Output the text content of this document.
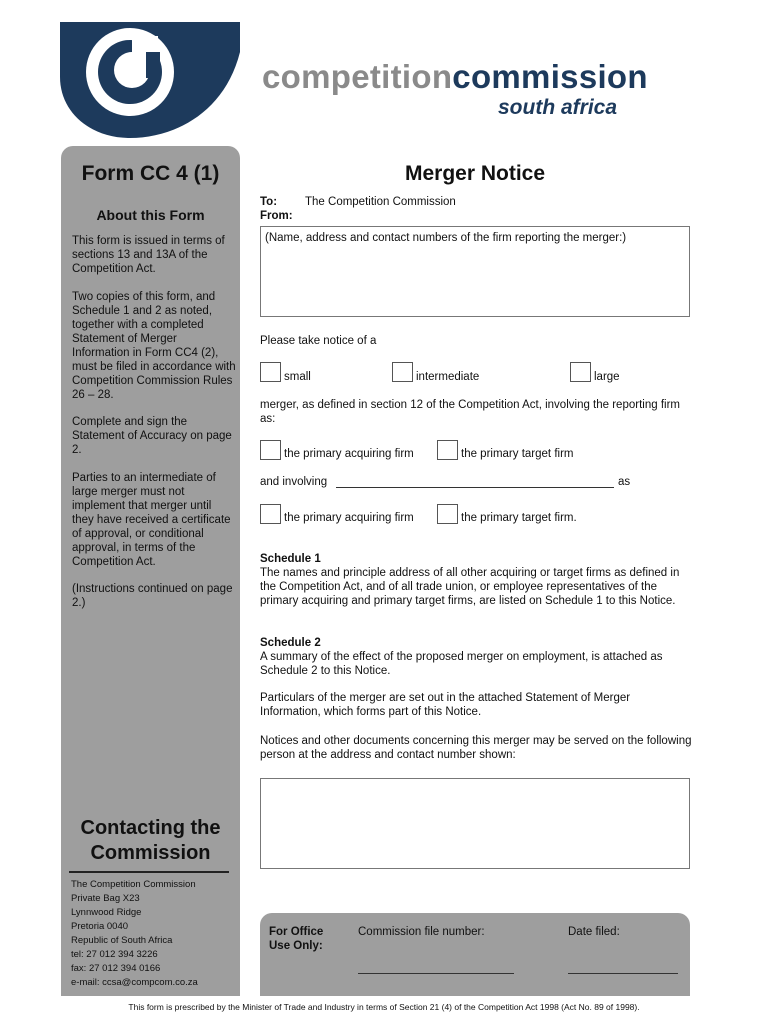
competitioncommission
south africa
Form CC 4 (1)
About this Form
This form is issued in terms of sections 13 and 13A of the Competition Act.
Two copies of this form, and Schedule 1 and 2 as noted, together with a completed Statement of Merger Information in Form CC4 (2), must be filed in accordance with Competition Commission Rules 26 – 28.
Complete and sign the Statement of Accuracy on page 2.
Parties to an intermediate of large merger must not implement that merger until they have received a certificate of approval, or conditional approval, in terms of the Competition Act.
(Instructions continued on page 2.)
Contacting the
Commission
The Competition Commission
Private Bag X23
Lynnwood Ridge
Pretoria 0040
Republic of South Africa
tel: 27 012 394 3226
fax: 27 012 394 0166
e-mail: ccsa@compcom.co.za
Merger Notice
To: The Competition Commission
From:
(Name, address and contact numbers of the firm reporting the merger:)
Please take notice of a
small	intermediate	large
merger, as defined in section 12 of the Competition Act, involving the reporting firm as:
the primary acquiring firm	the primary target firm
and involving	as
the primary acquiring firm	the primary target firm.
Schedule 1
The names and principle address of all other acquiring or target firms as defined in the Competition Act, and of all trade union, or employee representatives of the primary acquiring and primary target firms, are listed on Schedule 1 to this Notice.
Schedule 2
A summary of the effect of the proposed merger on employment, is attached as Schedule 2 to this Notice.
Particulars of the merger are set out in the attached Statement of Merger Information, which forms part of this Notice.
Notices and other documents concerning this merger may be served on the following person at the address and contact number shown:
For Office
Use Only:
Commission file number:	Date filed:
This form is prescribed by the Minister of Trade and Industry in terms of Section 21 (4) of the Competition Act 1998 (Act No. 89 of 1998).
